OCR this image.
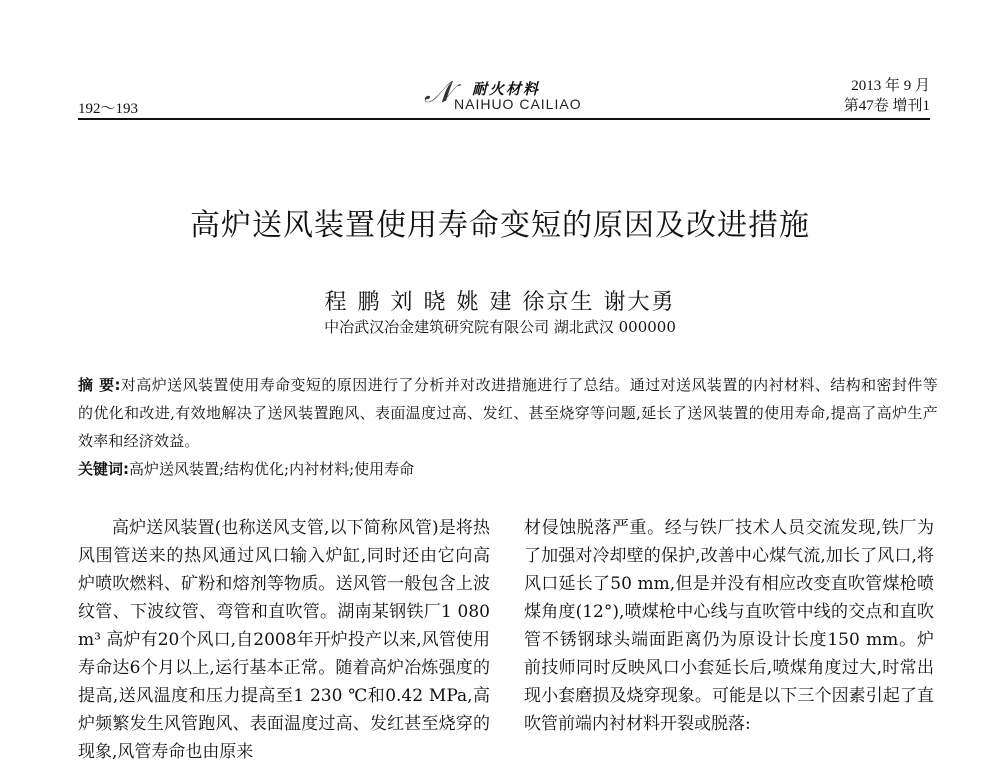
192～193	𝒩 耐火材料
NAIHUO CAILIAO
2013 年 9 月
第47卷 增刊1
高炉送风装置使用寿命变短的原因及改进措施
程 鹏 刘 晓 姚 建 徐京生 谢大勇
中冶武汉冶金建筑研究院有限公司 湖北武汉 000000
摘 要:对高炉送风装置使用寿命变短的原因进行了分析并对改进措施进行了总结。通过对送风装置的内衬材料、结构和密封件等的优化和改进,有效地解决了送风装置跑风、表面温度过高、发红、甚至烧穿等问题,延长了送风装置的使用寿命,提高了高炉生产效率和经济效益。
关键词:高炉送风装置;结构优化;内衬材料;使用寿命
高炉送风装置(也称送风支管,以下简称风管)是将热风围管送来的热风通过风口输入炉缸,同时还由它向高炉喷吹燃料、矿粉和熔剂等物质。送风管一般包含上波纹管、下波纹管、弯管和直吹管。湖南某钢铁厂1 080 m³ 高炉有20个风口,自2008年开炉投产以来,风管使用寿命达6个月以上,运行基本正常。随着高炉冶炼强度的提高,送风温度和压力提高至1 230 ℃和0.42 MPa,高炉频繁发生风管跑风、表面温度过高、发红甚至烧穿的现象,风管寿命也由原来
材侵蚀脱落严重。经与铁厂技术人员交流发现,铁厂为了加强对冷却壁的保护,改善中心煤气流,加长了风口,将风口延长了50 mm,但是并没有相应改变直吹管煤枪喷煤角度(12°),喷煤枪中心线与直吹管中线的交点和直吹管不锈钢球头端面距离仍为原设计长度150 mm。炉前技师同时反映风口小套延长后,喷煤角度过大,时常出现小套磨损及烧穿现象。可能是以下三个因素引起了直吹管前端内衬材料开裂或脱落:
